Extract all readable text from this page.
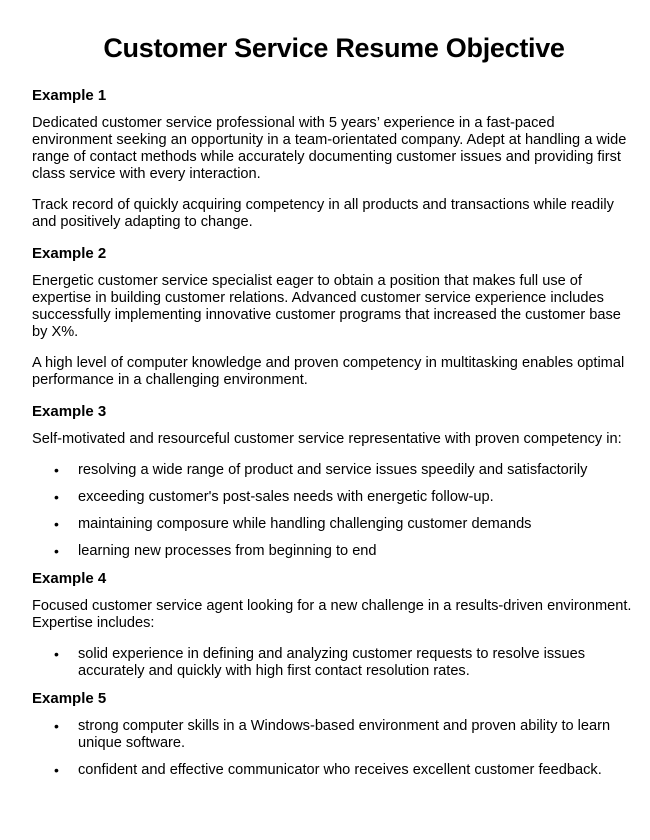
Customer Service Resume Objective
Example 1

Dedicated customer service professional with 5 years’ experience in a fast-paced environment seeking an opportunity in a team-orientated company. Adept at handling a wide range of contact methods while accurately documenting customer issues and providing first class service with every interaction.

Track record of quickly acquiring competency in all products and transactions while readily and positively adapting to change.

Example 2

Energetic customer service specialist eager to obtain a position that makes full use of expertise in building customer relations. Advanced customer service experience includes successfully implementing innovative customer programs that increased the customer base by X%.

A high level of computer knowledge and proven competency in multitasking enables optimal performance in a challenging environment.

Example 3

Self-motivated and resourceful customer service representative with proven competency in:

• resolving a wide range of product and service issues speedily and satisfactorily
• exceeding customer's post-sales needs with energetic follow-up.
• maintaining composure while handling challenging customer demands
• learning new processes from beginning to end
Example 4

Focused customer service agent looking for a new challenge in a results-driven environment. Expertise includes:

• solid experience in defining and analyzing customer requests to resolve issues accurately and quickly with high first contact resolution rates.
Example 5
• strong computer skills in a Windows-based environment and proven ability to learn unique software.
• confident and effective communicator who receives excellent customer feedback.
